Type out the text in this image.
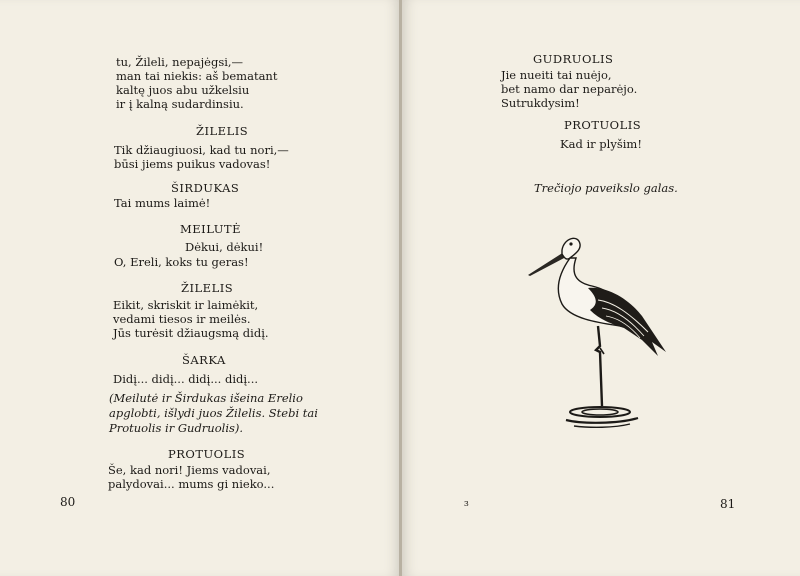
tu, Žileli, nepajėgsi,—
man tai niekis: aš bematant
kaltę juos abu užkelsiu
ir į kalną sudardinsiu.
ŽILELIS
Tik džiaugiuosi, kad tu nori,—
būsi jiems puikus vadovas!
ŠIRDUKAS
Tai mums laimė!
MEILUTĖ
Dėkui, dėkui!
O, Ereli, koks tu geras!
ŽILELIS
Eikit, skriskit ir laimėkit,
vedami tiesos ir meilės.
Jūs turėsit džiaugsmą didį.
ŠARKA
Didį... didį... didį... didį...
(Meilutė ir Širdukas išeina Erelio
apglobti, išlydi juos Žilelis. Stebi tai
Protuolis ir Gudruolis).
PROTUOLIS
Še, kad nori! Jiems vadovai,
palydovai... mums gi nieko...
80
GUDRUOLIS
Jie nueiti tai nuėjo,
bet namo dar neparėjo.
Sutrukdysim!
PROTUOLIS
Kad ir plyšim!
Trečiojo paveikslo galas.
ɜ	81
